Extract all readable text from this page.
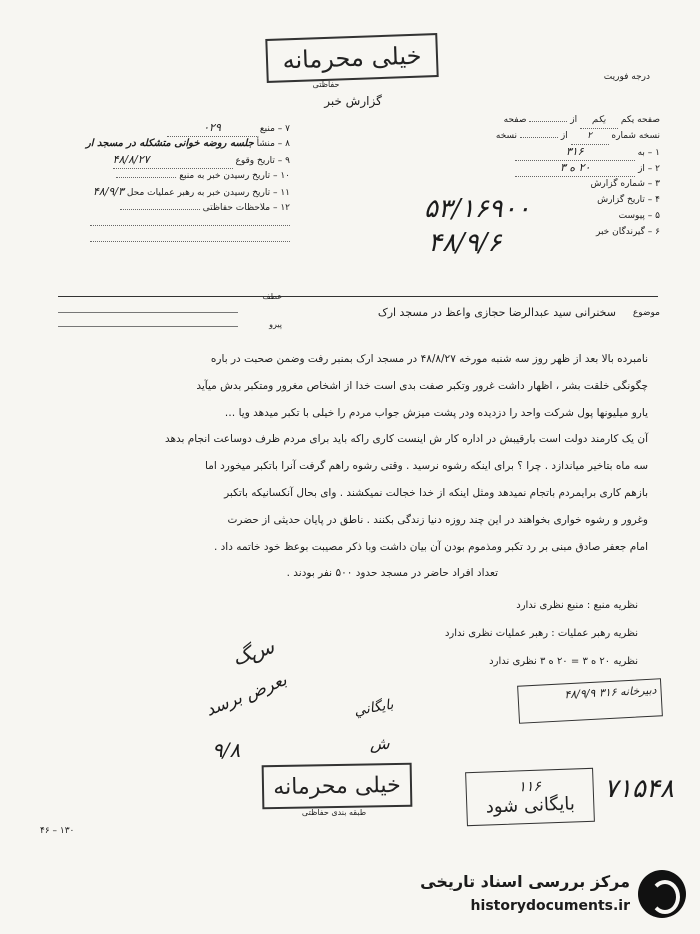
خیلی محرمانه
حفاظتی
گزارش خبر
درجه فوریت
صفحه یکم یکم از  صفحه
نسخه شماره ۲ از  نسخه
۱ – به ۳۱۶
۲ – از ۲۰ ه ۳
۳ – شماره گزارش
۴ – تاریخ گزارش
۵ – پیوست
۶ – گیرندگان خبر
۵۳/۱۶۹۰۰
۴۸/۹/۶
۷ – منبع ۰۲۹
۸ – منشأ جلسه روضه خوانی متشکله در مسجد ار
۹ – تاریخ وقوع ۴۸/۸/۲۷
۱۰ – تاریخ رسیدن خبر به منبع
۱۱ – تاریخ رسیدن خبر به رهبر عملیات محل ۴۸/۹/۳
۱۲ – ملاحظات حفاظتی
عطف
پیرو
موضوع
سخنرانی سید عبدالرضا حجازی واعظ در مسجد ارک

نامبرده بالا بعد از ظهر روز سه شنبه مورخه ۴۸/۸/۲۷ در مسجد ارک بمنبر رفت وضمن صحبت در باره

چگونگی خلقت بشر ، اظهار داشت غرور وتکبر صفت بدی است خدا از اشخاص مغرور ومتکبر بدش میآید

یارو میلیونها پول شرکت واحد را دزدیده ودر پشت میزش جواب مردم را خیلی با تکبر میدهد ویا …

آن یک کارمند دولت است بارقیبش در اداره کار ش اینست کاری راکه باید برای مردم ظرف دوساعت انجام بدهد

سه ماه بتاخیر میاندازد . چرا ؟ برای اینکه رشوه نرسید . وقتی رشوه راهم گرفت آنرا باتکبر میخورد اما

بازهم کاری برایمردم باتجام نمیدهد ومثل اینکه از خدا خجالت نمیکشند . وای بحال آنکسانیکه باتکبر

وغرور و رشوه خواری بخواهند در این چند روزه دنیا زندگی بکنند . ناطق در پایان حدیثی از حضرت

امام جعفر صادق مبنی بر رد تکبر ومذموم بودن آن بیان داشت وبا ذکر مصیبت بوعظ خود خاتمه داد .

تعداد افراد حاضر در مسجد حدود ۵۰۰ نفر بودند .

نظریه منبع : منبع نظری ندارد
نظریه رهبر عملیات : رهبر عملیات نظری ندارد
نظریه ۲۰ ه ۳ = ۲۰ ه ۳ نظری ندارد
ﺱﮓ
بعرض برسد
۹/۸
دبیرخانه ۳۱۶ ۴۸/۹/۹
ﺑﺎﻳﮕﺎﻧﻲ
ﺵ
خیلی محرمانه
طبقه بندی حفاظتی
۱۱۶
بایگانی شود
۷۱۵۴۸
۴۶ – ۱۳۰
مرکز بررسی اسناد تاریخی
historydocuments.ir
